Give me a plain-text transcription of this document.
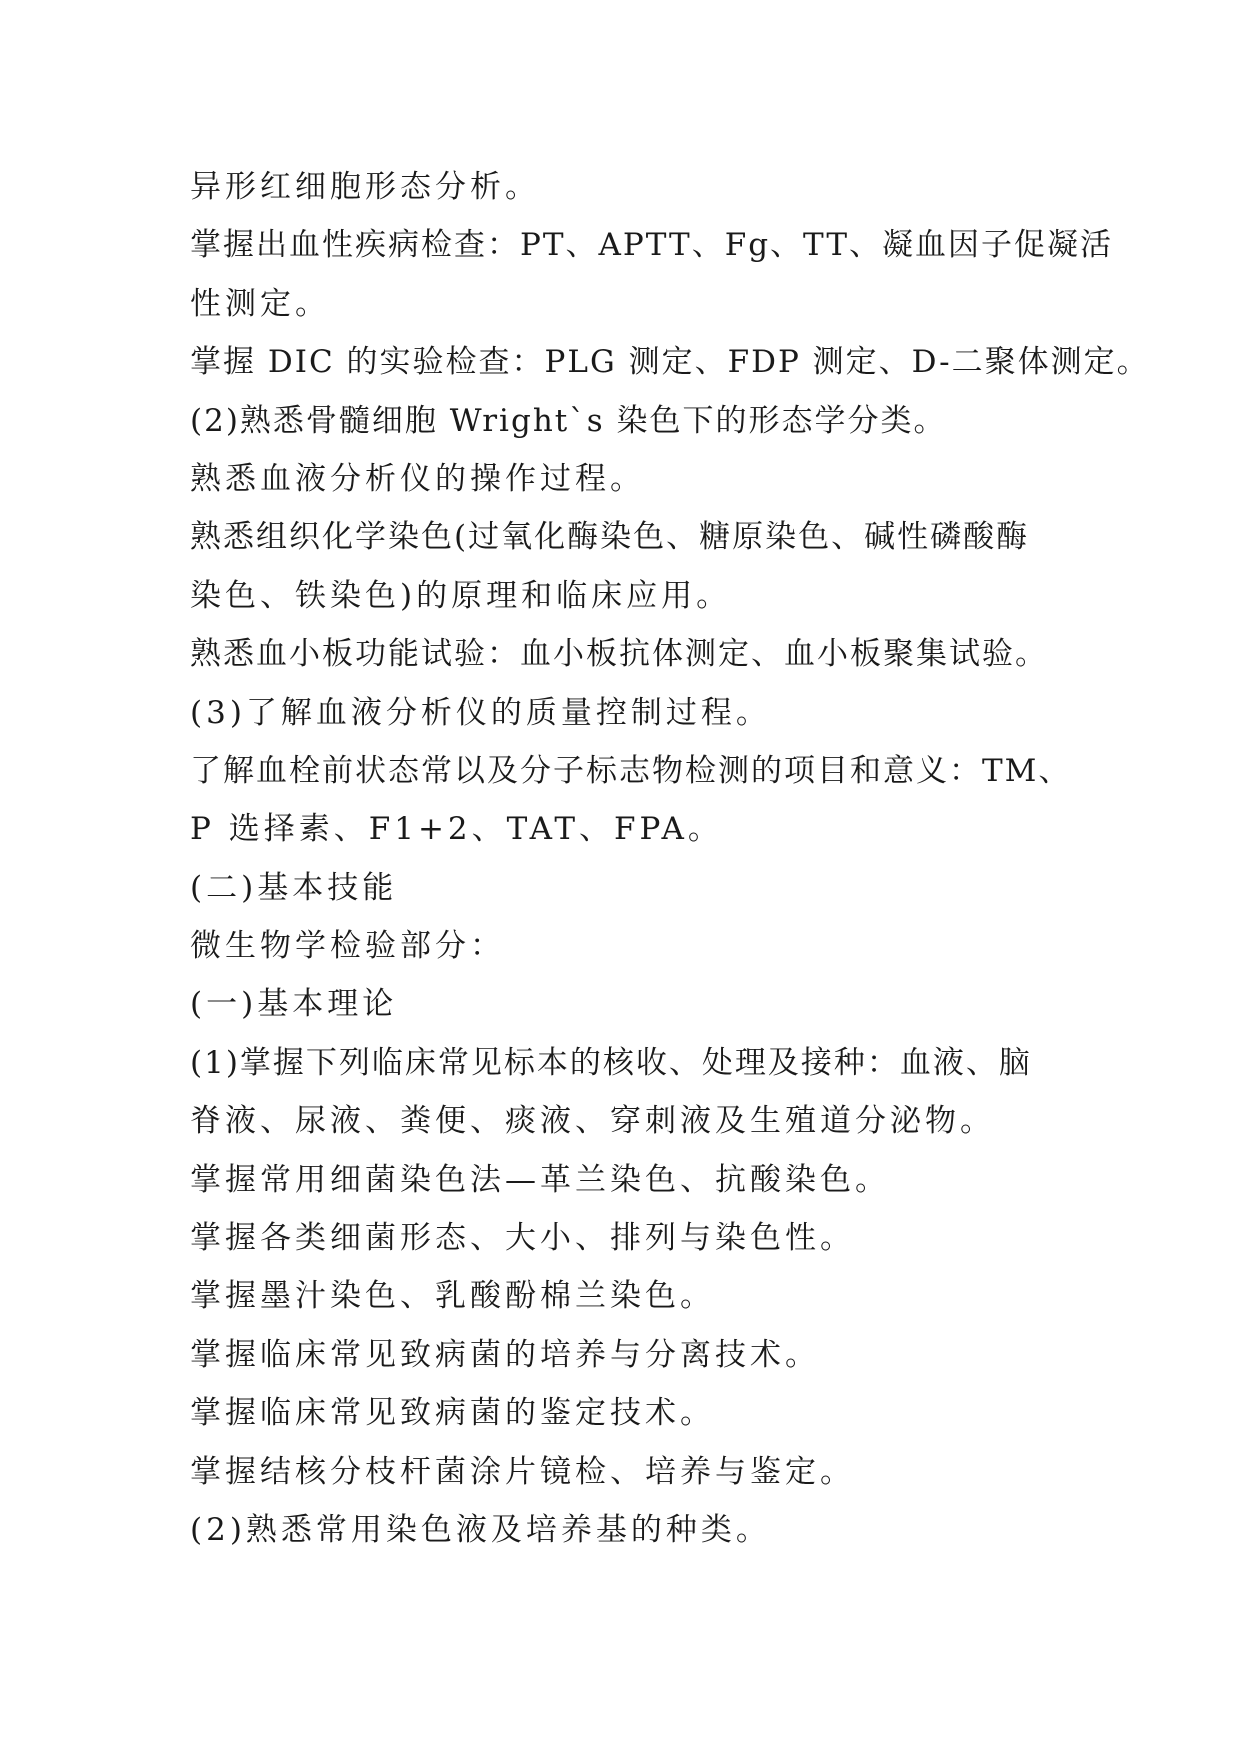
异形红细胞形态分析。
掌握出血性疾病检查：PT、APTT、Fg、TT、凝血因子促凝活
性测定。
掌握 DIC 的实验检查：PLG 测定、FDP 测定、D-二聚体测定。
(2)熟悉骨髓细胞 Wright`s 染色下的形态学分类。
熟悉血液分析仪的操作过程。
熟悉组织化学染色(过氧化酶染色、糖原染色、碱性磷酸酶
染色、铁染色)的原理和临床应用。
熟悉血小板功能试验：血小板抗体测定、血小板聚集试验。
(3)了解血液分析仪的质量控制过程。
了解血栓前状态常以及分子标志物检测的项目和意义：TM、
P 选择素、F1+2、TAT、FPA。
(二)基本技能
微生物学检验部分：
(一)基本理论
(1)掌握下列临床常见标本的核收、处理及接种：血液、脑
脊液、尿液、粪便、痰液、穿刺液及生殖道分泌物。
掌握常用细菌染色法—革兰染色、抗酸染色。
掌握各类细菌形态、大小、排列与染色性。
掌握墨汁染色、乳酸酚棉兰染色。
掌握临床常见致病菌的培养与分离技术。
掌握临床常见致病菌的鉴定技术。
掌握结核分枝杆菌涂片镜检、培养与鉴定。
(2)熟悉常用染色液及培养基的种类。
